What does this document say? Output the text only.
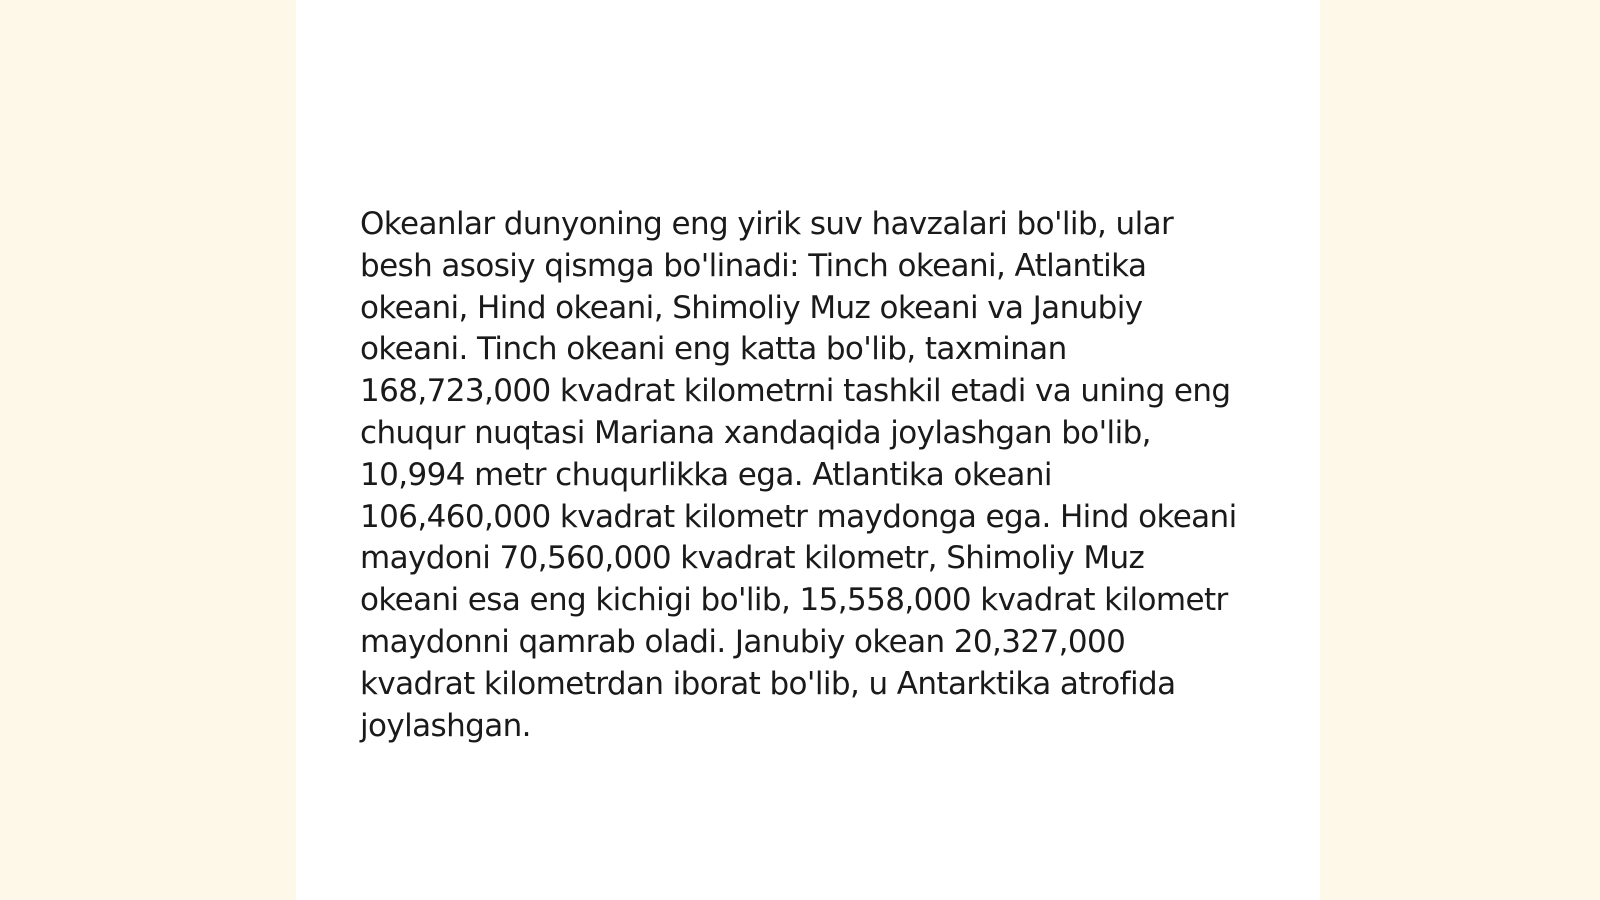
Okeanlar dunyoning eng yirik suv havzalari bo'lib, ular besh asosiy qismga bo'linadi: Tinch okeani, Atlantika okeani, Hind okeani, Shimoliy Muz okeani va Janubiy okeani. Tinch okeani eng katta bo'lib, taxminan 168,723,000 kvadrat kilometrni tashkil etadi va uning eng chuqur nuqtasi Mariana xandaqida joylashgan bo'lib, 10,994 metr chuqurlikka ega. Atlantika okeani 106,460,000 kvadrat kilometr maydonga ega. Hind okeani maydoni 70,560,000 kvadrat kilometr, Shimoliy Muz okeani esa eng kichigi bo'lib, 15,558,000 kvadrat kilometr maydonni qamrab oladi. Janubiy okean 20,327,000 kvadrat kilometrdan iborat bo'lib, u Antarktika atrofida joylashgan.
